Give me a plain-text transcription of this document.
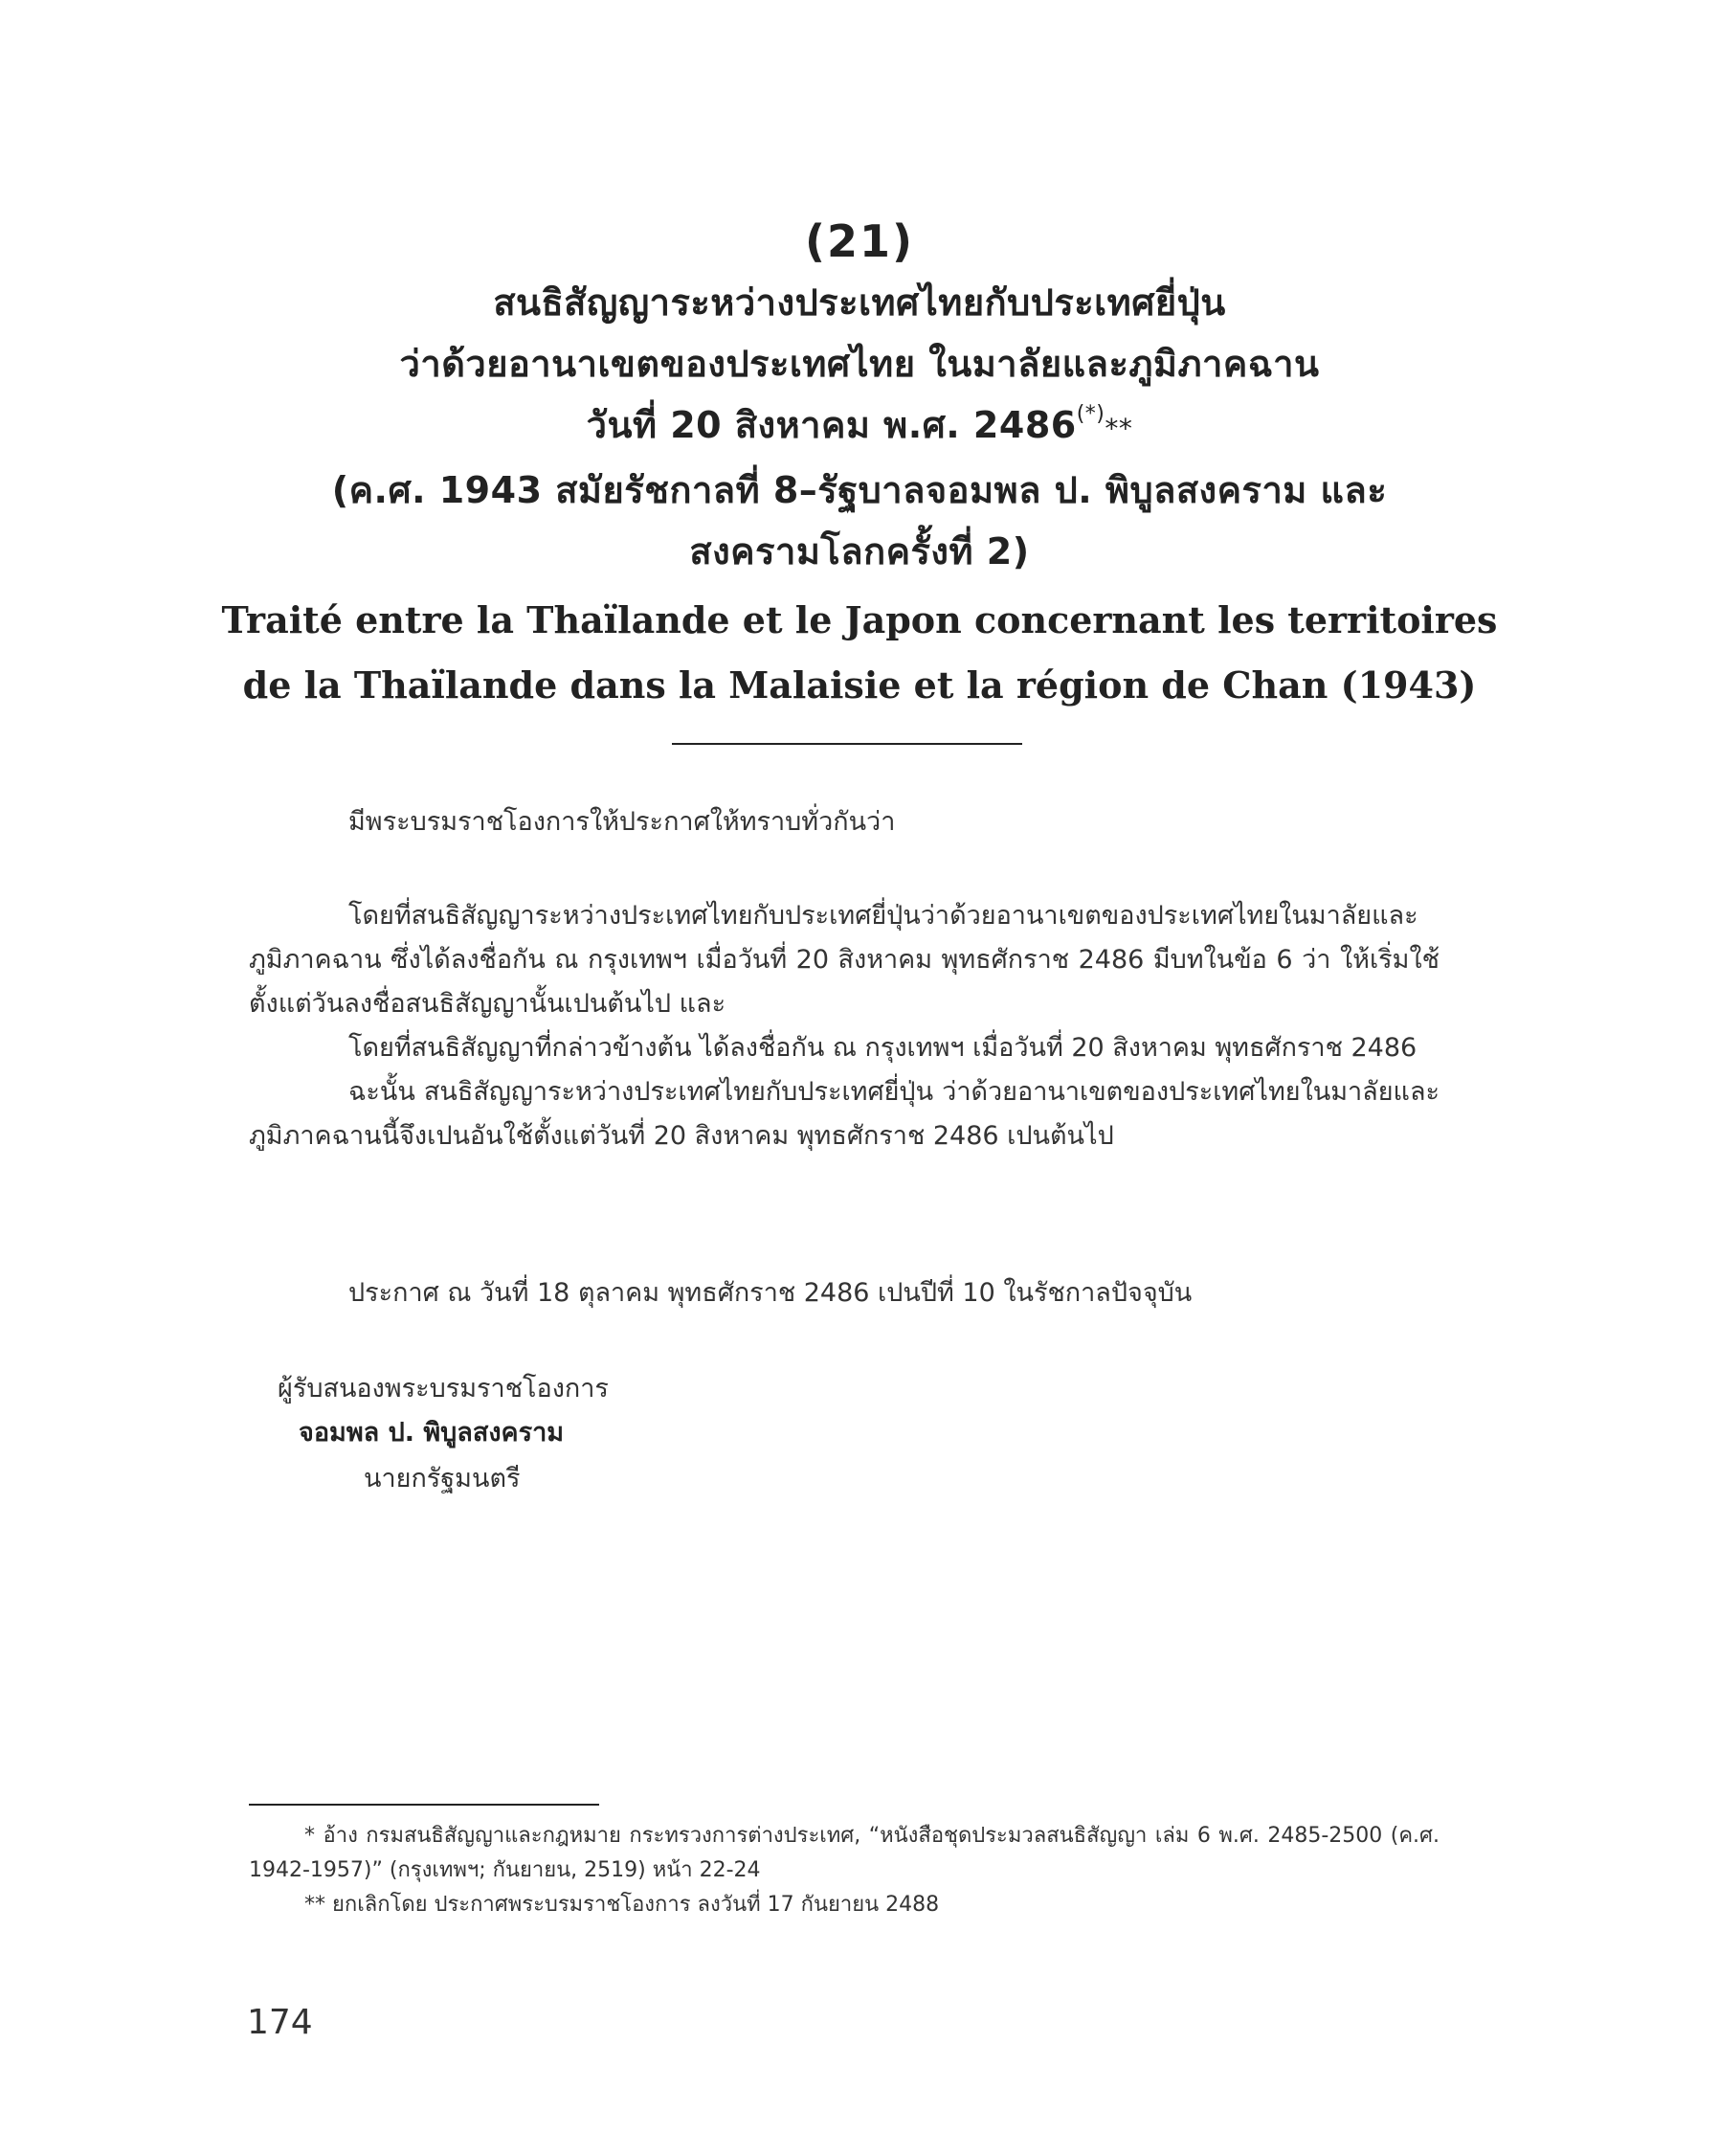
(21)
สนธิสัญญาระหว่างประเทศไทยกับประเทศยี่ปุ่น
ว่าด้วยอานาเขตของประเทศไทย ในมาลัยและภูมิภาคฉาน
วันที่ 20 สิงหาคม พ.ศ. 2486(*)**
(ค.ศ. 1943 สมัยรัชกาลที่ 8–รัฐบาลจอมพล ป. พิบูลสงคราม และ
สงครามโลกครั้งที่ 2)
Traité entre la Thaïlande et le Japon concernant les territoires
de la Thaïlande dans la Malaisie et la région de Chan (1943)
มีพระบรมราชโองการให้ประกาศให้ทราบทั่วกันว่า

โดยที่สนธิสัญญาระหว่างประเทศไทยกับประเทศยี่ปุ่นว่าด้วยอานาเขตของประเทศไทยในมาลัยและภูมิภาคฉาน ซึ่งได้ลงชื่อกัน ณ กรุงเทพฯ เมื่อวันที่ 20 สิงหาคม พุทธศักราช 2486 มีบทในข้อ 6 ว่า ให้เริ่มใช้ตั้งแต่วันลงชื่อสนธิสัญญานั้นเปนต้นไป และ

โดยที่สนธิสัญญาที่กล่าวข้างต้น ได้ลงชื่อกัน ณ กรุงเทพฯ เมื่อวันที่ 20 สิงหาคม พุทธศักราช 2486

ฉะนั้น สนธิสัญญาระหว่างประเทศไทยกับประเทศยี่ปุ่น ว่าด้วยอานาเขตของประเทศไทยในมาลัยและภูมิภาคฉานนี้จึงเปนอันใช้ตั้งแต่วันที่ 20 สิงหาคม พุทธศักราช 2486 เปนต้นไป

ประกาศ ณ วันที่ 18 ตุลาคม พุทธศักราช 2486 เปนปีที่ 10 ในรัชกาลปัจจุบัน
ผู้รับสนองพระบรมราชโองการ
จอมพล ป. พิบูลสงคราม
นายกรัฐมนตรี

* อ้าง กรมสนธิสัญญาและกฎหมาย กระทรวงการต่างประเทศ, “หนังสือชุดประมวลสนธิสัญญา เล่ม 6 พ.ศ. 2485-2500 (ค.ศ. 1942-1957)” (กรุงเทพฯ; กันยายน, 2519) หน้า 22-24

** ยกเลิกโดย ประกาศพระบรมราชโองการ ลงวันที่ 17 กันยายน 2488

174
